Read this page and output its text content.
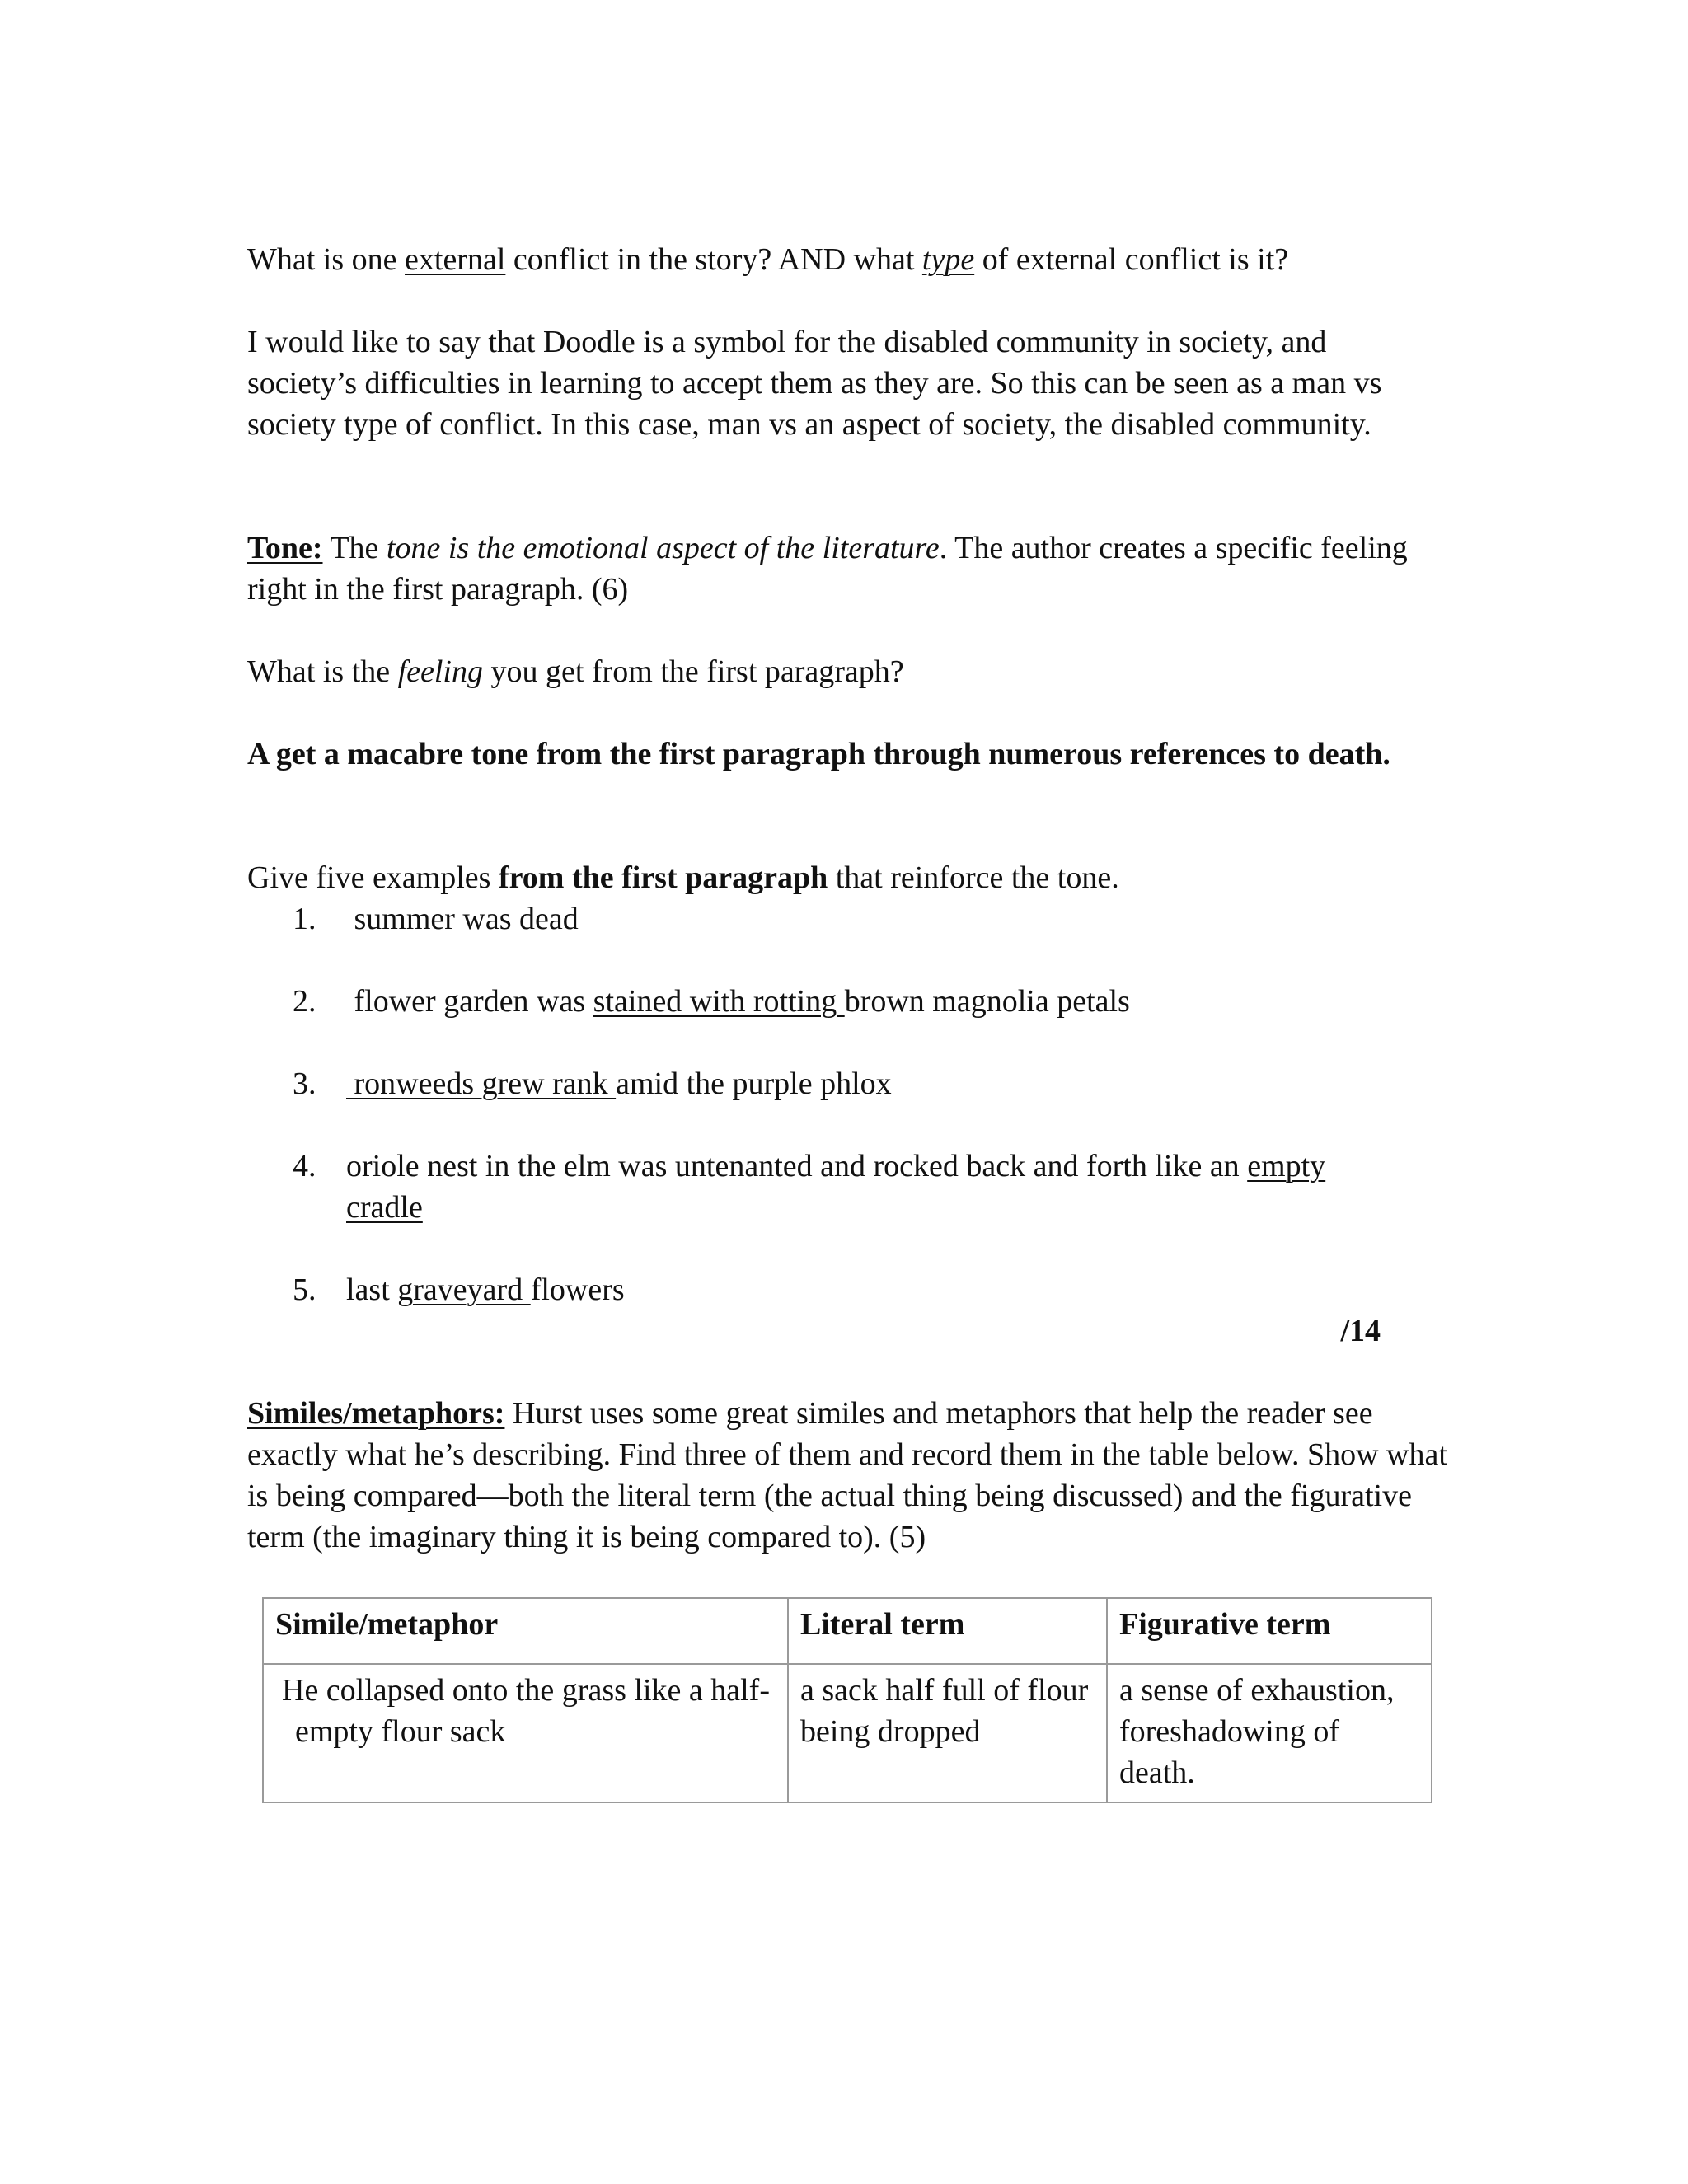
What is one external conflict in the story? AND what type of external conflict is it?

I would like to say that Doodle is a symbol for the disabled community in society, and society’s difficulties in learning to accept them as they are. So this can be seen as a man vs society type of conflict. In this case, man vs an aspect of society, the disabled community.

Tone: The tone is the emotional aspect of the literature. The author creates a specific feeling right in the first paragraph. (6)

What is the feeling you get from the first paragraph?

A get a macabre tone from the first paragraph through numerous references to death.

Give five examples from the first paragraph that reinforce the tone.

1. summer was dead

2. flower garden was stained with rotting brown magnolia petals

3. ronweeds grew rank amid the purple phlox

4. oriole nest in the elm was untenanted and rocked back and forth like an empty cradle

5. last graveyard flowers

/14

Similes/metaphors: Hurst uses some great similes and metaphors that help the reader see exactly what he’s describing. Find three of them and record them in the table below. Show what is being compared—both the literal term (the actual thing being discussed) and the figurative term (the imaginary thing it is being compared to). (5)

Simile/metaphor	Literal term	Figurative term
He collapsed onto the grass like a half-empty flour sack	a sack half full of flour being dropped	a sense of exhaustion, foreshadowing of death.
